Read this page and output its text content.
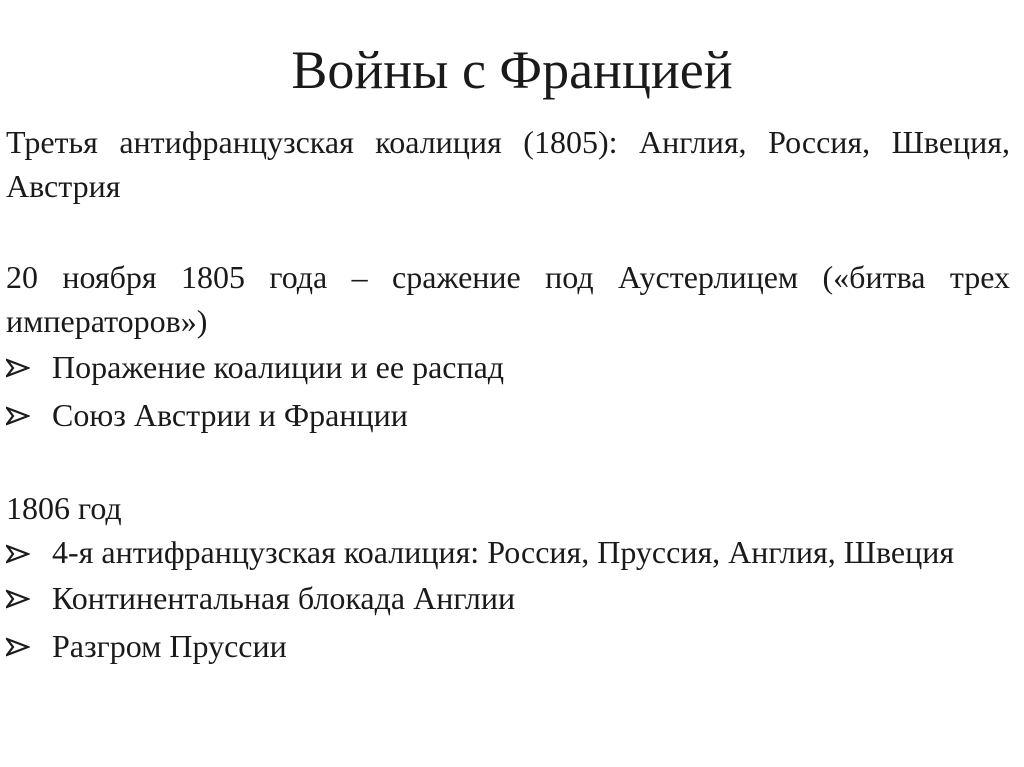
Войны с Францией

Третья антифранцузская коалиция (1805): Англия, Россия, Швеция, Австрия

20 ноября 1805 года – сражение под Аустерлицем («битва трех императоров»)

Поражение коалиции и ее распад
Союз Австрии и Франции

1806 год

4-я антифранцузская коалиция: Россия, Пруссия, Англия, Швеция
Континентальная блокада Англии
Разгром Пруссии
